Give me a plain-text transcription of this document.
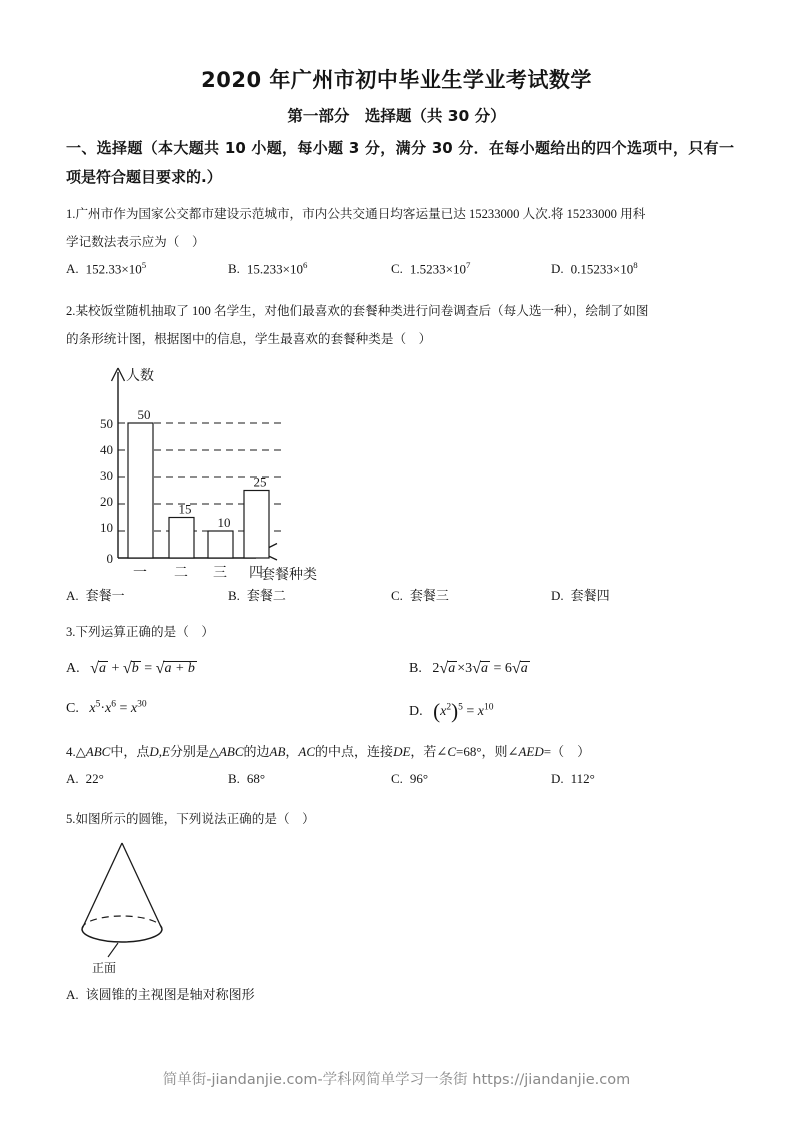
2020 年广州市初中毕业生学业考试数学
第一部分　选择题（共 30 分）
一、选择题（本大题共 10 小题，每小题 3 分，满分 30 分．在每小题给出的四个选项中，只有一项是符合题目要求的.）
1.广州市作为国家公交都市建设示范城市，市内公共交通日均客运量已达 15233000 人次.将 15233000 用科
学记数法表示应为（　）
A. $152.33\times 10^5$	B. $15.233\times 10^6$	C. $1.5233\times 10^7$	D. $0.15233\times 10^8$
2.某校饭堂随机抽取了 100 名学生，对他们最喜欢的套餐种类进行问卷调查后（每人选一种），绘制了如图
的条形统计图，根据图中的信息，学生最喜欢的套餐种类是（　）
50
40
30
20
10
0
50
15
10
25
一 二 三 四
人数
套餐种类
A. 套餐一	B. 套餐二	C. 套餐三	D. 套餐四
3.下列运算正确的是（　）
A. √a + √b = √a + b	B. 2√a ×3√a = 6√a
C. $x^5\cdot x^6 = x^{30}$	D. $(x^2)^5 = x^{10}$
4.△ABC中，点D,E分别是△ABC的边AB，AC的中点，连接DE，若∠C=68°，则∠AED=（　）
A. 22°	B. 68°	C. 96°	D. 112°
5.如图所示的圆锥，下列说法正确的是（　）
正面
A. 该圆锥的主视图是轴对称图形
简单街-jiandanjie.com-学科网简单学习一条街 https://jiandanjie.com
